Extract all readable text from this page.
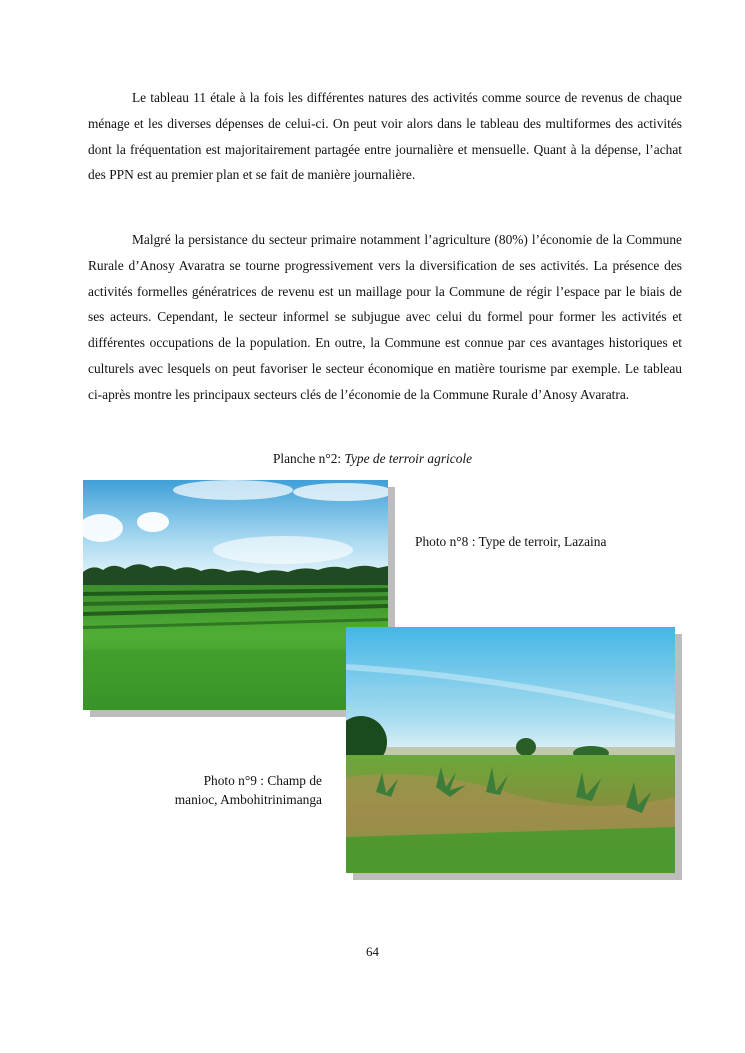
Le tableau 11 étale à la fois les différentes natures des activités comme source de revenus de chaque ménage et les diverses dépenses de celui-ci. On peut voir alors dans le tableau des multiformes des activités dont la fréquentation est majoritairement partagée entre journalière et mensuelle. Quant à la dépense, l’achat des PPN est au premier plan et se fait de manière journalière.

Malgré la persistance du secteur primaire notamment l’agriculture (80%) l’économie de la Commune Rurale d’Anosy Avaratra se tourne progressivement vers la diversification de ses activités. La présence des activités formelles génératrices de revenu est un maillage pour la Commune de régir l’espace par le biais de ses acteurs. Cependant, le secteur informel se subjugue avec celui du formel pour former les activités et différentes occupations de la population. En outre, la Commune est connue par ces avantages historiques et culturels avec lesquels on peut favoriser le secteur économique en matière tourisme par exemple. Le tableau ci-après montre les principaux secteurs clés de l’économie de la Commune Rurale d’Anosy Avaratra.

Planche n°2: Type de terroir agricole
Photo n°8 : Type de terroir, Lazaina
Photo n°9 : Champ de
manioc, Ambohitrinimanga
64
